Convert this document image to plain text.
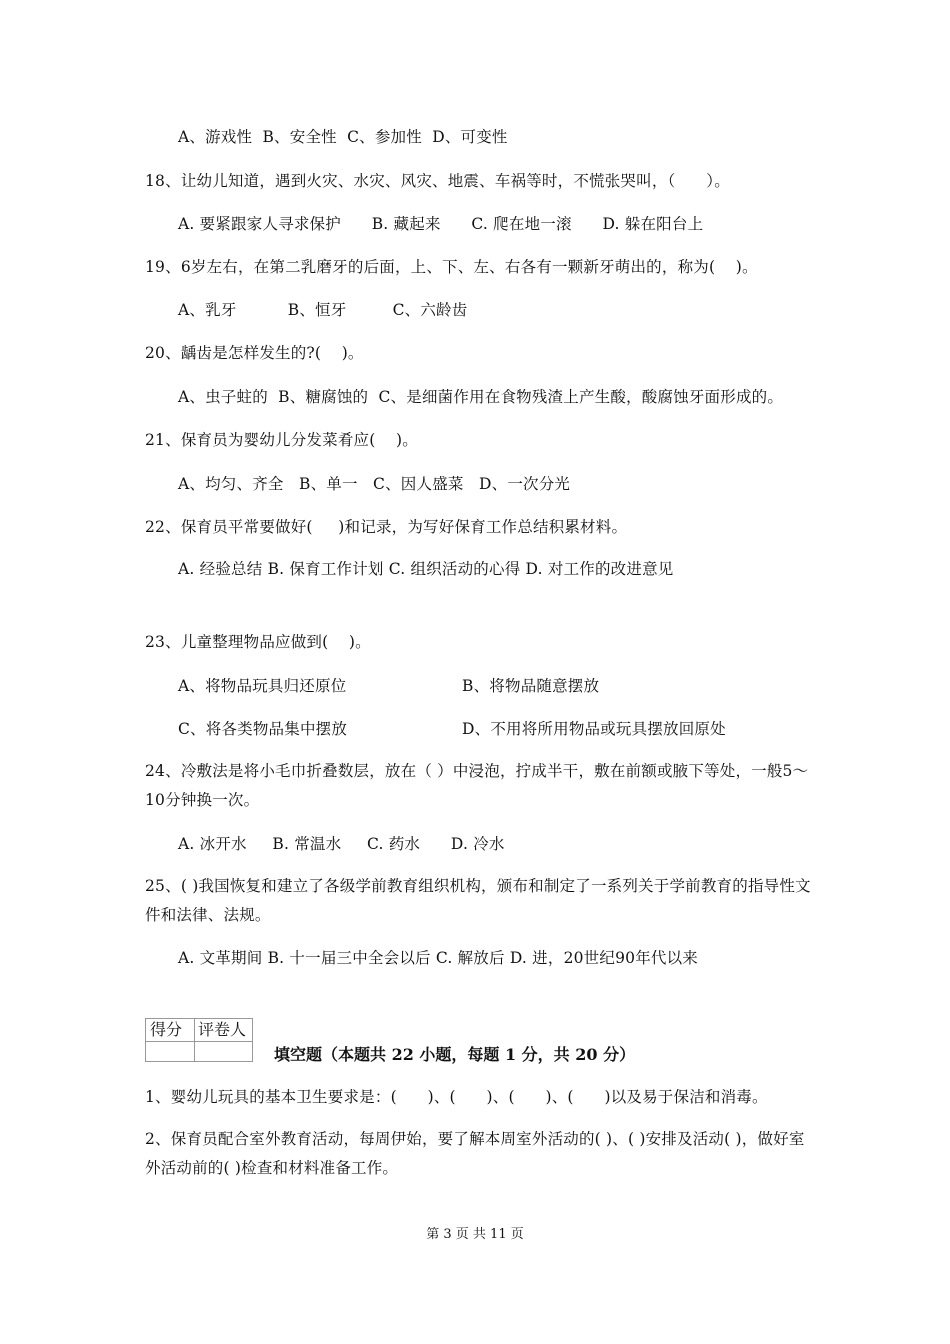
A、游戏性  B、安全性  C、参加性  D、可变性
18、让幼儿知道，遇到火灾、水灾、风灾、地震、车祸等时，不慌张哭叫，（      ）。
A. 要紧跟家人寻求保护      B. 藏起来      C. 爬在地一滚      D. 躲在阳台上
19、6岁左右，在第二乳磨牙的后面，上、下、左、右各有一颗新牙萌出的，称为(    )。
A、乳牙          B、恒牙         C、六龄齿
20、龋齿是怎样发生的?(    )。
A、虫子蛀的  B、糖腐蚀的  C、是细菌作用在食物残渣上产生酸，酸腐蚀牙面形成的。
21、保育员为婴幼儿分发菜肴应(    )。
A、均匀、齐全   B、单一   C、因人盛菜   D、一次分光
22、保育员平常要做好(     )和记录，为写好保育工作总结积累材料。
A. 经验总结 B. 保育工作计划 C. 组织活动的心得 D. 对工作的改进意见
23、儿童整理物品应做到(    )。
A、将物品玩具归还原位	B、将物品随意摆放
C、将各类物品集中摆放	D、不用将所用物品或玩具摆放回原处
24、冷敷法是将小毛巾折叠数层，放在（ ）中浸泡，拧成半干，敷在前额或腋下等处，一般5～10分钟换一次。
A. 冰开水     B. 常温水     C. 药水      D. 冷水
25、( )我国恢复和建立了各级学前教育组织机构，颁布和制定了一系列关于学前教育的指导性文件和法律、法规。
A. 文革期间 B. 十一届三中全会以后 C. 解放后 D. 进，20世纪90年代以来
得分 评卷人
填空题（本题共 22 小题，每题 1 分，共 20 分）
1、婴幼儿玩具的基本卫生要求是：(      )、(      )、(      )、(      )以及易于保洁和消毒。
2、保育员配合室外教育活动，每周伊始，要了解本周室外活动的( )、( )安排及活动( )，做好室外活动前的( )检查和材料准备工作。
第 3 页 共 11 页
